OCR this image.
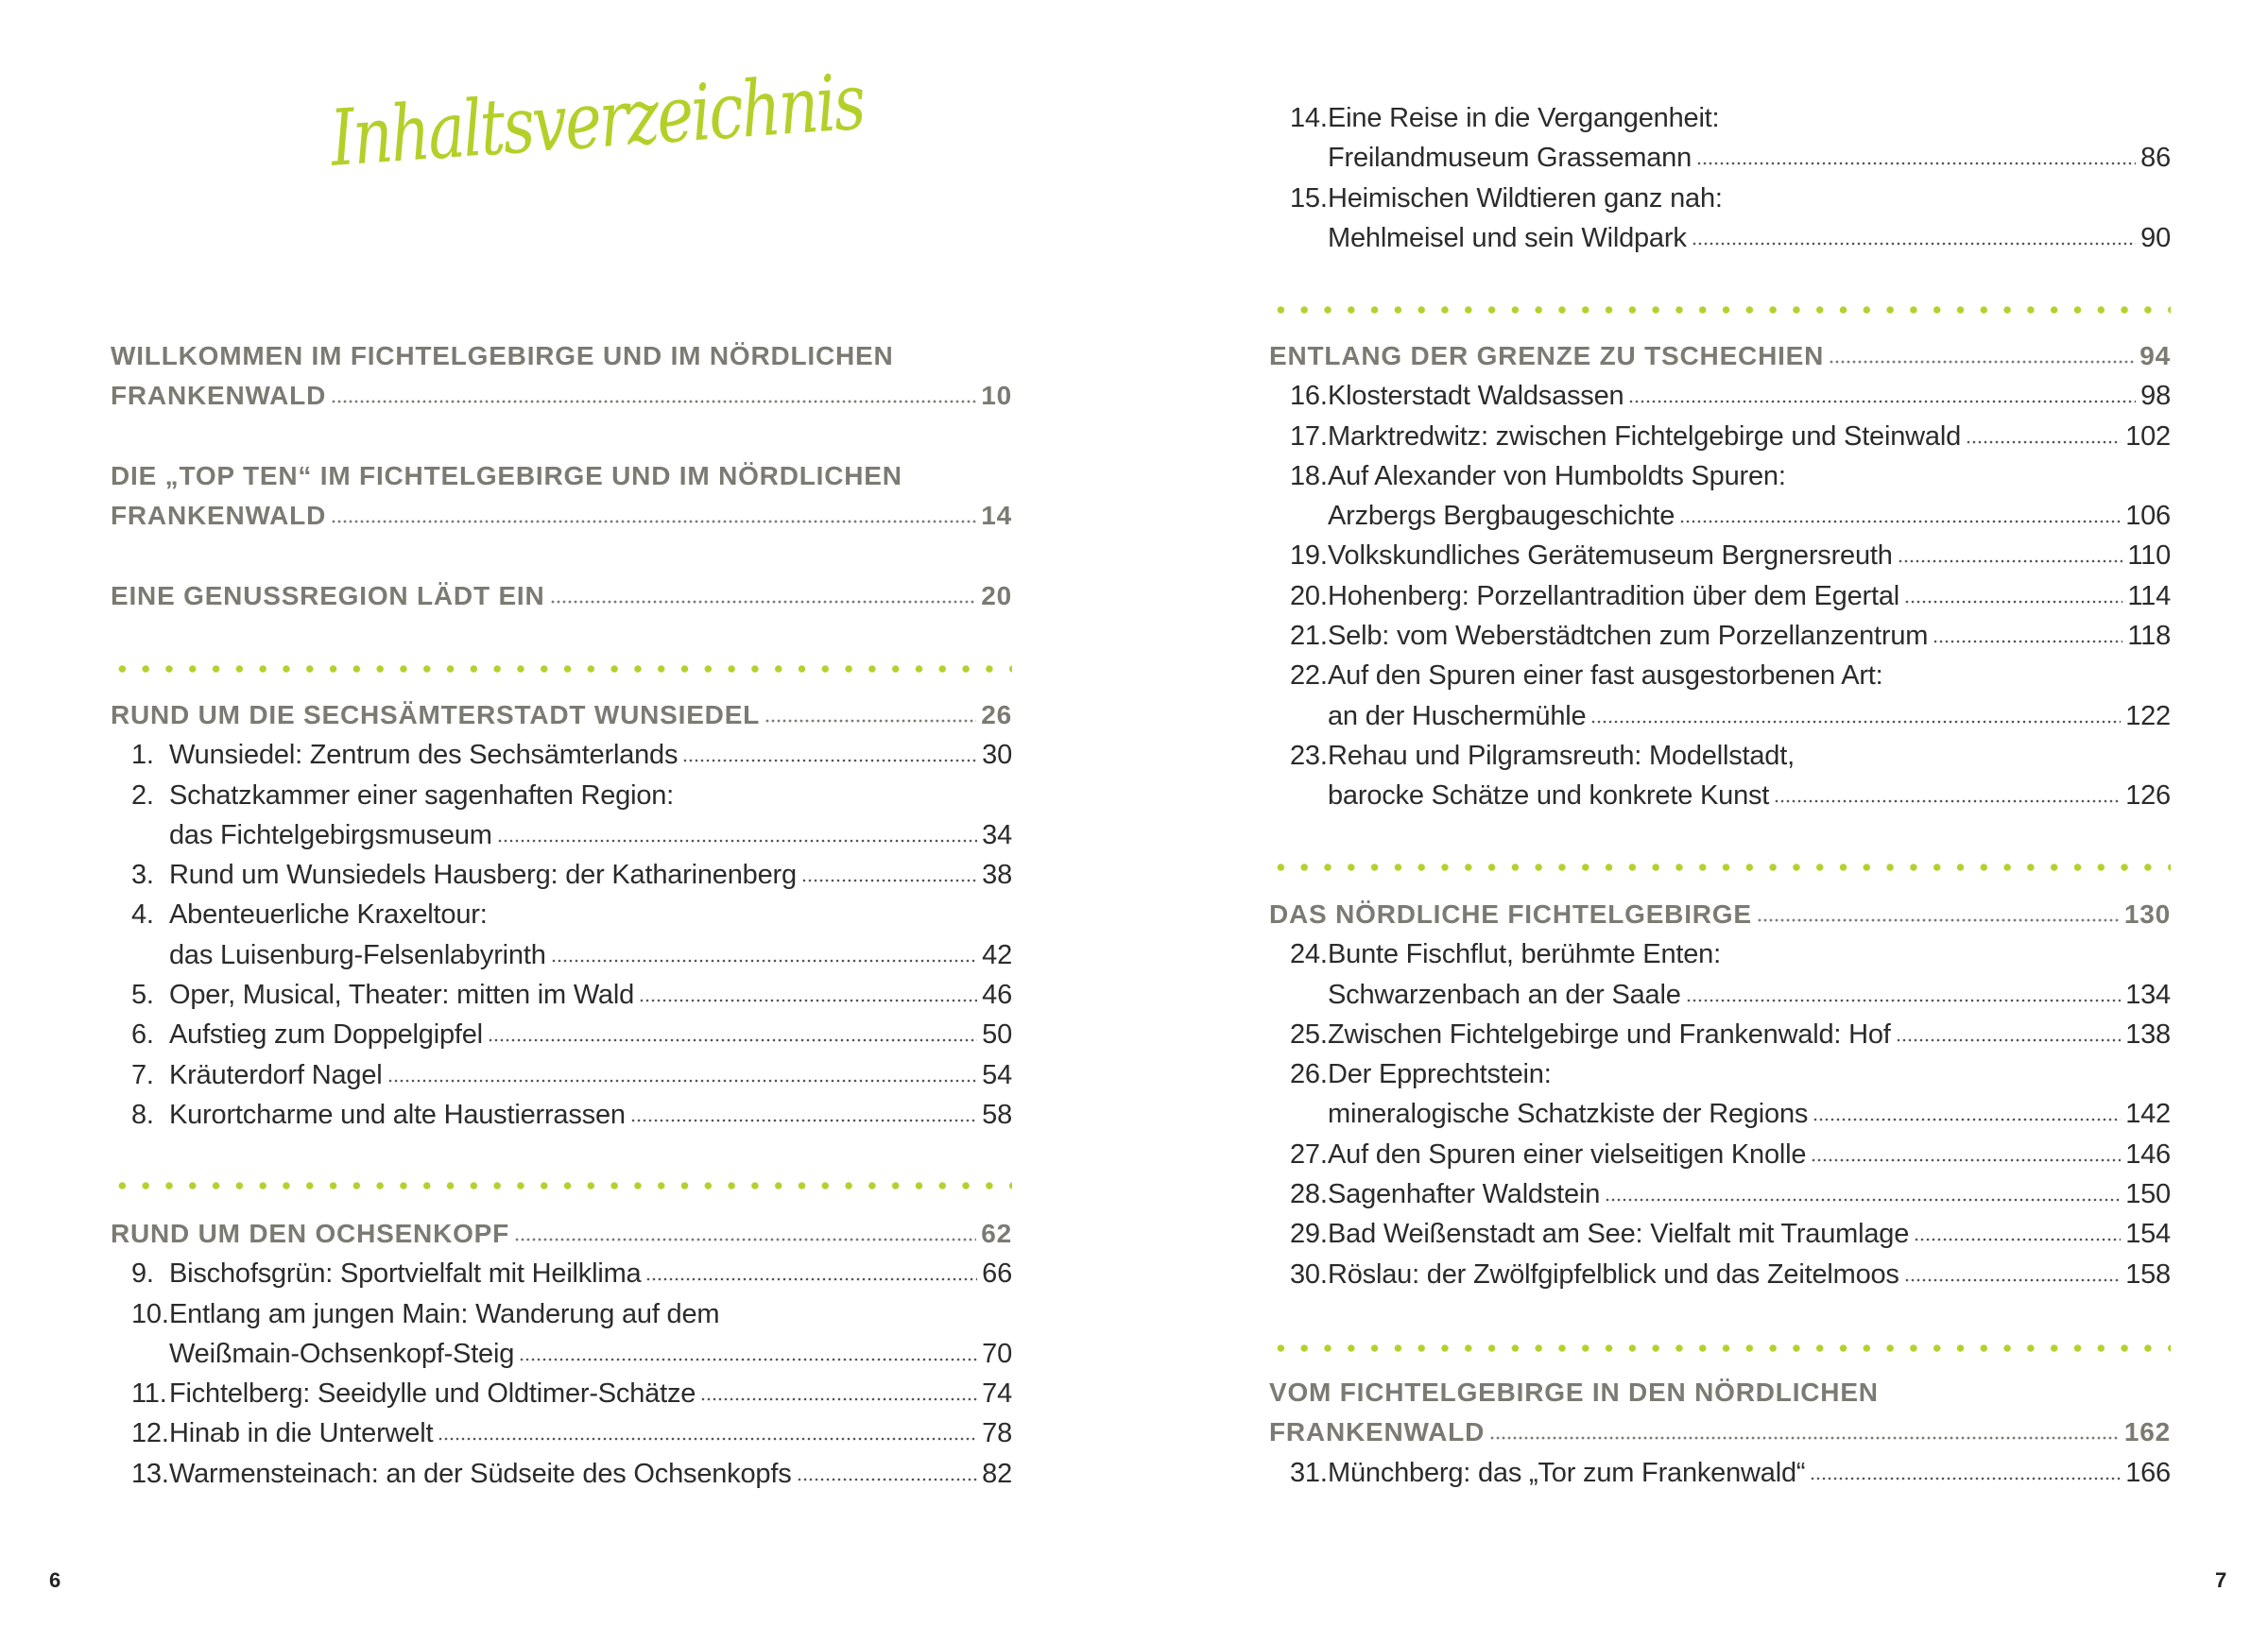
Inhaltsverzeichnis
WILLKOMMEN IM FICHTELGEBIRGE UND IM NÖRDLICHEN
FRANKENWALD	10
DIE „TOP TEN“ IM FICHTELGEBIRGE UND IM NÖRDLICHEN
FRANKENWALD	14
EINE GENUSSREGION LÄDT EIN	20
RUND UM DIE SECHSÄMTERSTADT WUNSIEDEL	26
1. Wunsiedel: Zentrum des Sechsämterlands	30
2. Schatzkammer einer sagenhaften Region:
das Fichtelgebirgsmuseum	34
3. Rund um Wunsiedels Hausberg: der Katharinenberg	38
4. Abenteuerliche Kraxeltour:
das Luisenburg-Felsenlabyrinth	42
5. Oper, Musical, Theater: mitten im Wald	46
6. Aufstieg zum Doppelgipfel	50
7. Kräuterdorf Nagel	54
8. Kurortcharme und alte Haustierrassen	58
RUND UM DEN OCHSENKOPF	62
9. Bischofsgrün: Sportvielfalt mit Heilklima	66
10. Entlang am jungen Main: Wanderung auf dem
Weißmain-Ochsenkopf-Steig	70
11. Fichtelberg: Seeidylle und Oldtimer-Schätze	74
12. Hinab in die Unterwelt	78
13. Warmensteinach: an der Südseite des Ochsenkopfs	82
14. Eine Reise in die Vergangenheit:
Freilandmuseum Grassemann	86
15. Heimischen Wildtieren ganz nah:
Mehlmeisel und sein Wildpark	90
ENTLANG DER GRENZE ZU TSCHECHIEN	94
16. Klosterstadt Waldsassen	98
17. Marktredwitz: zwischen Fichtelgebirge und Steinwald	102
18. Auf Alexander von Humboldts Spuren:
Arzbergs Bergbaugeschichte	106
19. Volkskundliches Gerätemuseum Bergnersreuth	110
20. Hohenberg: Porzellantradition über dem Egertal	114
21. Selb: vom Weberstädtchen zum Porzellanzentrum	118
22. Auf den Spuren einer fast ausgestorbenen Art:
an der Huschermühle	122
23. Rehau und Pilgramsreuth: Modellstadt,
barocke Schätze und konkrete Kunst	126
DAS NÖRDLICHE FICHTELGEBIRGE	130
24. Bunte Fischflut, berühmte Enten:
Schwarzenbach an der Saale	134
25. Zwischen Fichtelgebirge und Frankenwald: Hof	138
26. Der Epprechtstein:
mineralogische Schatzkiste der Regions	142
27. Auf den Spuren einer vielseitigen Knolle	146
28. Sagenhafter Waldstein	150
29. Bad Weißenstadt am See: Vielfalt mit Traumlage	154
30. Röslau: der Zwölfgipfelblick und das Zeitelmoos	158
VOM FICHTELGEBIRGE IN DEN NÖRDLICHEN
FRANKENWALD	162
31. Münchberg: das „Tor zum Frankenwald“	166
6	7
